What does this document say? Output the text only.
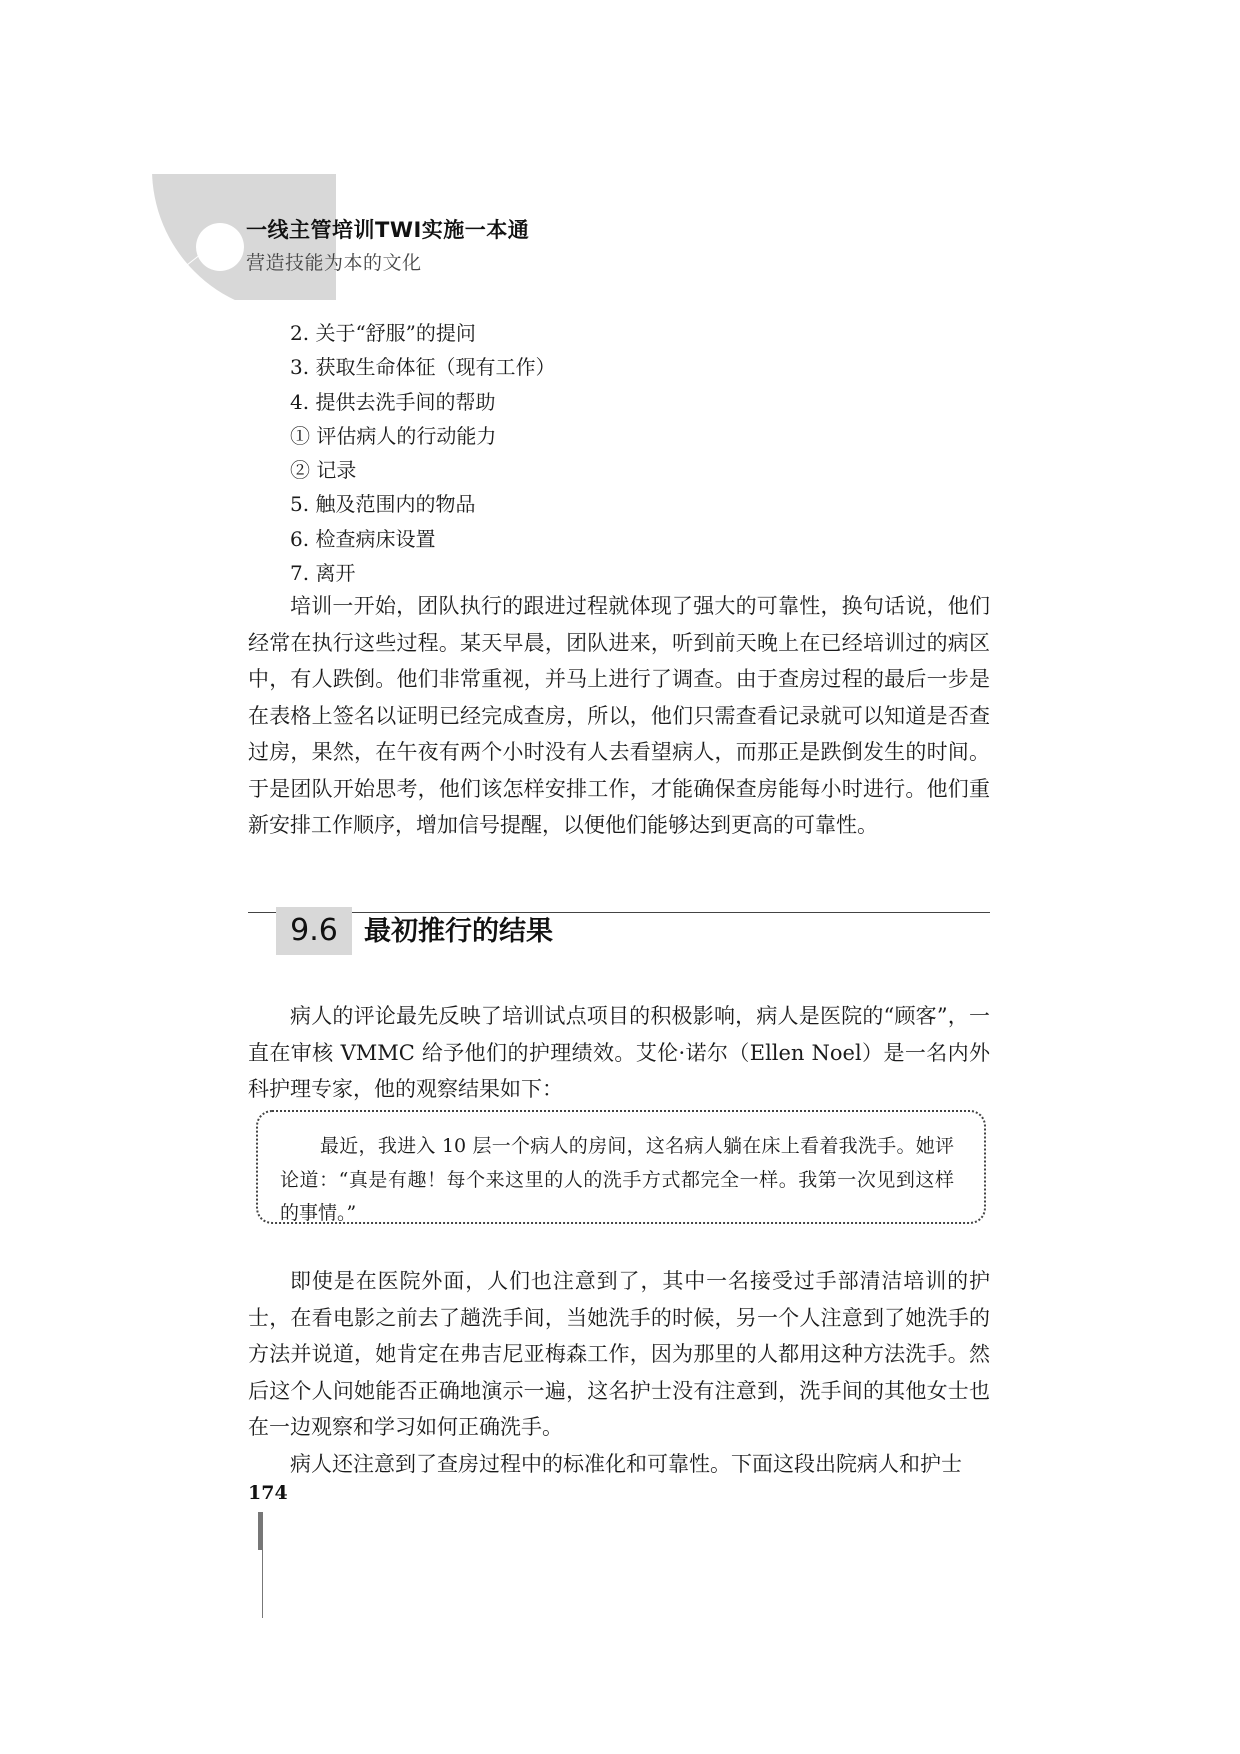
一线主管培训TWI实施一本通
营造技能为本的文化
2. 关于“舒服”的提问
3. 获取生命体征（现有工作）
4. 提供去洗手间的帮助
① 评估病人的行动能力
② 记录
5. 触及范围内的物品
6. 检查病床设置
7. 离开

培训一开始，团队执行的跟进过程就体现了强大的可靠性，换句话说，他们经常在执行这些过程。某天早晨，团队进来，听到前天晚上在已经培训过的病区中，有人跌倒。他们非常重视，并马上进行了调查。由于查房过程的最后一步是在表格上签名以证明已经完成查房，所以，他们只需查看记录就可以知道是否查过房，果然，在午夜有两个小时没有人去看望病人，而那正是跌倒发生的时间。于是团队开始思考，他们该怎样安排工作，才能确保查房能每小时进行。他们重新安排工作顺序，增加信号提醒，以便他们能够达到更高的可靠性。

9.6 最初推行的结果

病人的评论最先反映了培训试点项目的积极影响，病人是医院的“顾客”，一直在审核 VMMC 给予他们的护理绩效。艾伦·诺尔（Ellen Noel）是一名内外科护理专家，他的观察结果如下：

最近，我进入 10 层一个病人的房间，这名病人躺在床上看着我洗手。她评论道：“真是有趣！每个来这里的人的洗手方式都完全一样。我第一次见到这样的事情。”

即使是在医院外面，人们也注意到了，其中一名接受过手部清洁培训的护士，在看电影之前去了趟洗手间，当她洗手的时候，另一个人注意到了她洗手的方法并说道，她肯定在弗吉尼亚梅森工作，因为那里的人都用这种方法洗手。然后这个人问她能否正确地演示一遍，这名护士没有注意到，洗手间的其他女士也在一边观察和学习如何正确洗手。

病人还注意到了查房过程中的标准化和可靠性。下面这段出院病人和护士

174
